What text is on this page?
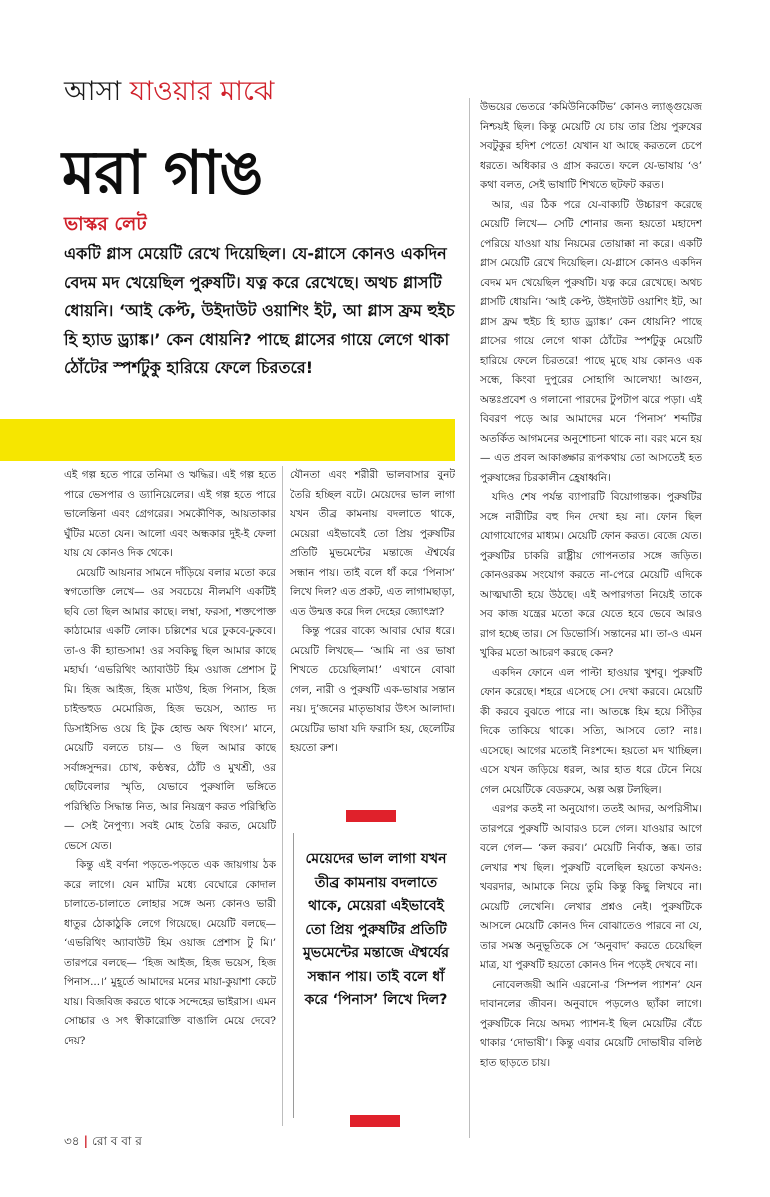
আসা যাওয়ার মাঝে
মরা গাঙ
ভাস্কর লেট
একটি গ্লাস মেয়েটি রেখে দিয়েছিল। যে-গ্লাসে কোনও একদিন বেদম মদ খেয়েছিল পুরুষটি। যত্ন করে রেখেছে। অথচ গ্লাসটি ধোয়নি। ‘আই কেপ্ট, উইদাউট ওয়াশিং ইট, আ গ্লাস ফ্রম হুইচ হি হ্যাড ড্র্যাঙ্ক।’ কেন ধোয়নি? পাছে গ্লাসের গায়ে লেগে থাকা ঠোঁটের স্পর্শটুকু হারিয়ে ফেলে চিরতরে!

এই গল্প হতে পারে তনিমা ও ঋদ্ধির। এই গল্প হতে পারে ভেসপার ও ড্যানিয়েলের। এই গল্প হতে পারে ভালেন্তিনা এবং গ্রেগরের। সমকৌণিক, আয়তাকার ঘুঁটির মতো যেন। আলো এবং অন্ধকার দুই-ই ফেলা যায় যে কোনও দিক থেকে।

মেয়েটি আয়নার সামনে দাঁড়িয়ে বলার মতো করে স্বগতোক্তি লেখে— ওর সবচেয়ে নীলমণি একটিই ছবি তো ছিল আমার কাছে। লম্বা, ফরসা, শক্তপোক্ত কাঠামোর একটি লোক। চল্লিশের ঘরে ঢুকবে-ঢুকবে। তা-ও কী হ্যান্ডসাম! ওর সবকিছু ছিল আমার কাছে মহার্ঘ। ‘এভরিথিং অ্যাবাউট হিম ওয়াজ প্রেশাস টু মি। হিজ আইজ, হিজ মাউথ, হিজ পিনাস, হিজ চাইল্ডহুড মেমোরিজ, হিজ ভয়েস, অ্যান্ড দ্য ডিসাইসিভ ওয়ে হি টুক হোল্ড অফ থিংস।’ মানে, মেয়েটি বলতে চায়— ও ছিল আমার কাছে সর্বাঙ্গসুন্দর। চোখ, কণ্ঠস্বর, ঠোঁট ও মুখশ্রী, ওর ছেটিবেলার স্মৃতি, যেভাবে পুরুষালি ভঙ্গিতে পরিস্থিতি সিদ্ধান্ত নিত, আর নিয়ন্ত্রণ করত পরিস্থিতি— সেই নৈপুণ্য। সবই মোহ তৈরি করত, মেয়েটি ভেসে যেত।

কিন্তু এই বর্ণনা পড়তে-পড়তে এক জায়গায় ঠক করে লাগে। যেন মাটির মধ্যে বেঘোরে কোদাল চালাতে-চালাতে লোহার সঙ্গে অন্য কোনও ভারী ধাতুর ঠোকাঠুকি লেগে গিয়েছে। মেয়েটি বলছে— ‘এভরিথিং অ্যাবাউট হিম ওয়াজ প্রেশাস টু মি।’ তারপরে বলছে— ‘হিজ আইজ, হিজ ভয়েস, হিজ পিনাস...।’ মুহূর্তে আমাদের মনের মায়া-কুয়াশা কেটে যায়। বিজবিজ করতে থাকে সন্দেহের ভাইরাস। এমন সোচ্চার ও সৎ স্বীকারোক্তি বাঙালি মেয়ে দেবে? দেয়?

যৌনতা এবং শরীরী ভালবাসার বুনট তৈরি হচ্ছিল বটে। মেয়েদের ভাল লাগা যখন তীব্র কামনায় বদলাতে থাকে, মেয়েরা এইভাবেই তো প্রিয় পুরুষটির প্রতিটি মুভমেন্টের মন্তাজে ঐশ্বর্যের সন্ধান পায়। তাই বলে ধাঁ করে ‘পিনাস’ লিখে দিল? এত প্রকট, এত লাগামছাড়া, এত উন্মত্ত করে দিল দেহের জ্যোৎস্না?

কিন্তু পরের বাক্যে আবার ঘোর ধরে। মেয়েটি লিখছে— ‘আমি না ওর ভাষা শিখতে চেয়েছিলাম!’ এখানে বোঝা গেল, নারী ও পুরুষটি এক-ভাষার সন্তান নয়। দু’জনের মাতৃভাষার উৎস আলাদা। মেয়েটির ভাষা যদি ফরাসি হয়, ছেলেটির হয়তো রুশ।

মেয়েদের ভাল লাগা যখন তীব্র কামনায় বদলাতে থাকে, মেয়েরা এইভাবেই তো প্রিয় পুরুষটির প্রতিটি মুভমেন্টের মন্তাজে ঐশ্বর্যের সন্ধান পায়। তাই বলে ধাঁ করে ‘পিনাস’ লিখে দিল?

উভয়ের ভেতরে ‘কমিউনিকেটিভ’ কোনও ল্যাঙ্গুয়েজ নিশ্চয়ই ছিল। কিন্তু মেয়েটি যে চায় তার প্রিয় পুরুষের সবটুকুর হদিশ পেতে! যেখান যা আছে করতলে চেপে ধরতে। অধিকার ও গ্রাস করতে। ফলে যে-ভাষায় ‘ও’ কথা বলত, সেই ভাষাটি শিখতে ছটফট করত।

আর, এর ঠিক পরে যে-বাক্যটি উচ্চারণ করেছে মেয়েটি লিখে— সেটি শোনার জন্য হয়তো মহাদেশ পেরিয়ে যাওয়া যায় নিয়মের তোয়াক্কা না করে। একটি গ্লাস মেয়েটি রেখে দিয়েছিল। যে-গ্লাসে কোনও একদিন বেদম মদ খেয়েছিল পুরুষটি। যত্ন করে রেখেছে। অথচ গ্লাসটি ধোয়নি। ‘আই কেপ্ট, উইদাউট ওয়াশিং ইট, আ গ্লাস ফ্রম হুইচ হি হ্যাড ড্র্যাঙ্ক।’ কেন ধোয়নি? পাছে গ্লাসের গায়ে লেগে থাকা ঠোঁটের স্পর্শটুকু মেয়েটি হারিয়ে ফেলে চিরতরে! পাছে মুছে যায় কোনও এক সন্ধে, কিংবা দুপুরের সোহাগি আলেখ্য! আগুন, অন্তঃপ্রবেশ ও গলানো পারদের টুপটাপ ঝরে পড়া। এই বিবরণ পড়ে আর আমাদের মনে ‘পিনাস’ শব্দটির অতর্কিত আগমনের অনুশোচনা থাকে না। বরং মনে হয়— এত প্রবল আকাঙ্ক্ষার রূপকথায় তো আসতেই হত পুরুষাঙ্গের চিরকালীন হ্রেষাধ্বনি।

যদিও শেষ পর্যন্ত ব্যাপারটি বিয়োগান্তক। পুরুষটির সঙ্গে নারীটির বহু দিন দেখা হয় না। ফোন ছিল যোগাযোগের মাধ্যম। মেয়েটি ফোন করত। বেজে যেত। পুরুষটির চাকরি রাষ্ট্রীয় গোপনতার সঙ্গে জড়িত। কোনওরকম সংযোগ করতে না-পেরে মেয়েটি এদিকে আত্মঘাতী হয়ে উঠছে। এই অপারগতা নিয়েই তাকে সব কাজ যন্ত্রের মতো করে যেতে হবে ভেবে আরও রাগ হচ্ছে তার। সে ডিভোর্সি। সন্তানের মা। তা-ও এমন খুকির মতো আচরণ করছে কেন?

একদিন ফোনে এল পাল্টা হাওয়ার খুশবু। পুরুষটি ফোন করেছে। শহরে এসেছে সে। দেখা করবে। মেয়েটি কী করবে বুঝতে পারে না। আতঙ্কে হিম হয়ে সিঁড়ির দিকে তাকিয়ে থাকে। সত্যি, আসবে তো? নাঃ। এসেছে। আগের মতোই নিঃশব্দে। হয়তো মদ খাচ্ছিল। এসে যখন জড়িয়ে ধরল, আর হাত ধরে টেনে নিয়ে গেল মেয়েটিকে বেডরুমে, অল্প অল্প টলছিল।

এরপর কতই না অনুযোগ। ততই আদর, অপরিসীম। তারপরে পুরুষটি আবারও চলে গেল। যাওয়ার আগে বলে গেল— ‘কল করব।’ মেয়েটি নির্বাক, স্তব্ধ। তার লেখার শখ ছিল। পুরুষটি বলেছিল হয়তো কখনও: খবরদার, আমাকে নিয়ে তুমি কিন্তু কিছু লিখবে না। মেয়েটি লেখেনি। লেখার প্রশ্নও নেই। পুরুষটিকে আসলে মেয়েটি কোনও দিন বোঝাতেও পারবে না যে, তার সমস্ত অনুভূতিকে সে ‘অনুবাদ’ করতে চেয়েছিল মাত্র, যা পুরুষটি হয়তো কোনও দিন পড়েই দেখবে না।

নোবেলজয়ী আনি এরনো-র ‘সিম্পল প্যাশন’ যেন দাবানলের জীবন। অনুবাদে পড়লেও ছ্যাঁকা লাগে। পুরুষটিকে নিয়ে অদম্য প্যাশন-ই ছিল মেয়েটির বেঁচে থাকার ‘দোভাষী’। কিন্তু এবার মেয়েটি দোভাষীর বলিষ্ঠ হাত ছাড়তে চায়।

৩৪ | রো ব বা র
